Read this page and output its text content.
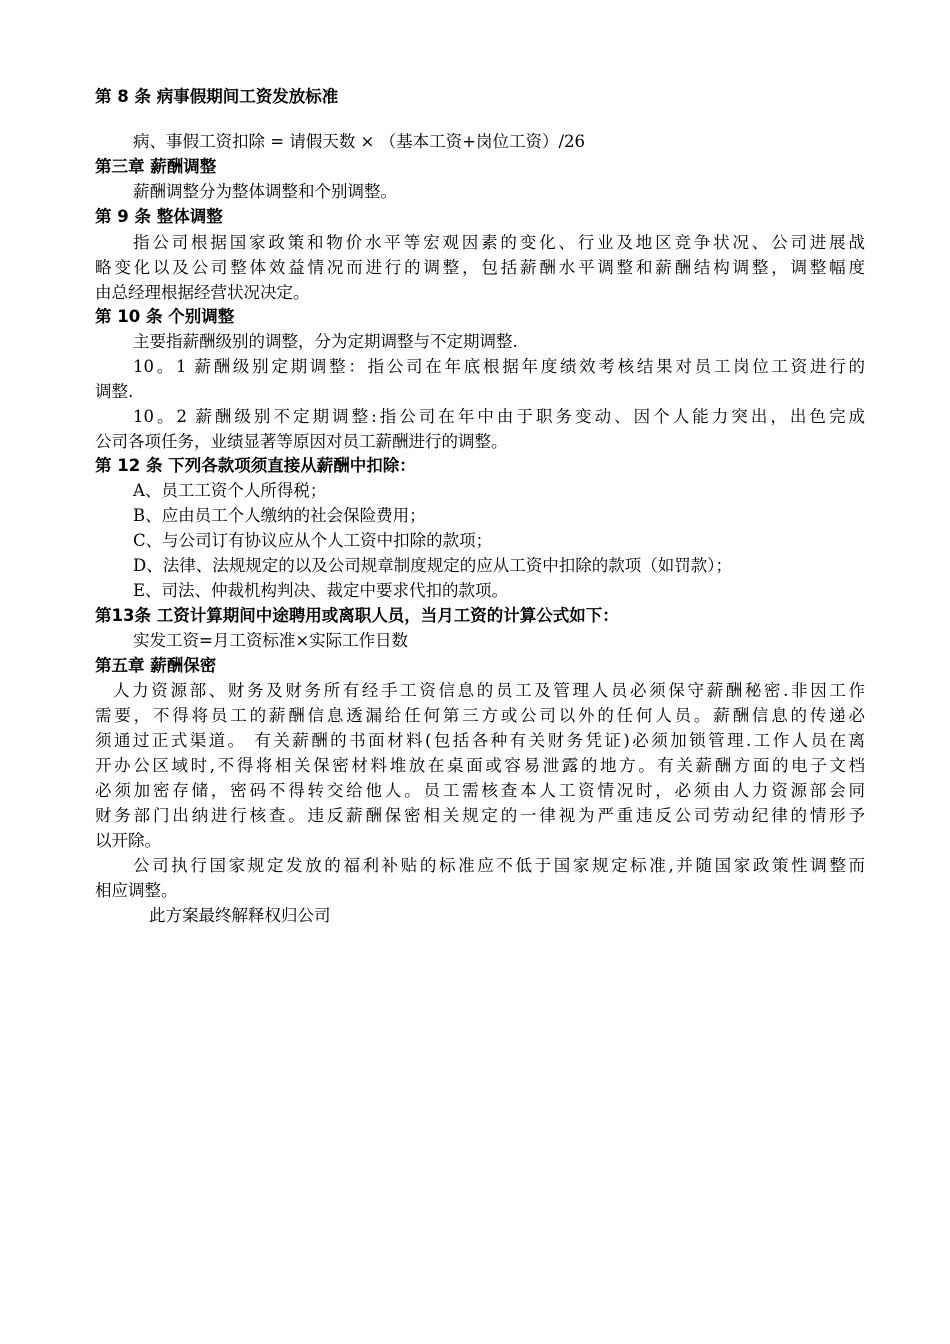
第 8 条 病事假期间工资发放标准
病、事假工资扣除 = 请假天数 × （基本工资+岗位工资）/26
第三章 薪酬调整
薪酬调整分为整体调整和个别调整。
第 9 条 整体调整
指公司根据国家政策和物价水平等宏观因素的变化、行业及地区竞争状况、公司进展战
略变化以及公司整体效益情况而进行的调整，包括薪酬水平调整和薪酬结构调整，调整幅度
由总经理根据经营状况决定。
第 10 条 个别调整
主要指薪酬级别的调整，分为定期调整与不定期调整.
10。1 薪酬级别定期调整：指公司在年底根据年度绩效考核结果对员工岗位工资进行的
调整.
10。2 薪酬级别不定期调整:指公司在年中由于职务变动、因个人能力突出，出色完成
公司各项任务，业绩显著等原因对员工薪酬进行的调整。
第 12 条 下列各款项须直接从薪酬中扣除：
A、员工工资个人所得税；
B、应由员工个人缴纳的社会保险费用；
C、与公司订有协议应从个人工资中扣除的款项；
D、法律、法规规定的以及公司规章制度规定的应从工资中扣除的款项（如罚款）；
E、司法、仲裁机构判决、裁定中要求代扣的款项。
第13条 工资计算期间中途聘用或离职人员，当月工资的计算公式如下：
实发工资=月工资标准×实际工作日数
第五章 薪酬保密
人力资源部、财务及财务所有经手工资信息的员工及管理人员必须保守薪酬秘密.非因工作
需要，不得将员工的薪酬信息透漏给任何第三方或公司以外的任何人员。薪酬信息的传递必
须通过正式渠道。 有关薪酬的书面材料(包括各种有关财务凭证)必须加锁管理.工作人员在离
开办公区域时,不得将相关保密材料堆放在桌面或容易泄露的地方。有关薪酬方面的电子文档
必须加密存储，密码不得转交给他人。员工需核查本人工资情况时，必须由人力资源部会同
财务部门出纳进行核查。违反薪酬保密相关规定的一律视为严重违反公司劳动纪律的情形予
以开除。
公司执行国家规定发放的福利补贴的标准应不低于国家规定标准,并随国家政策性调整而
相应调整。
此方案最终解释权归公司
